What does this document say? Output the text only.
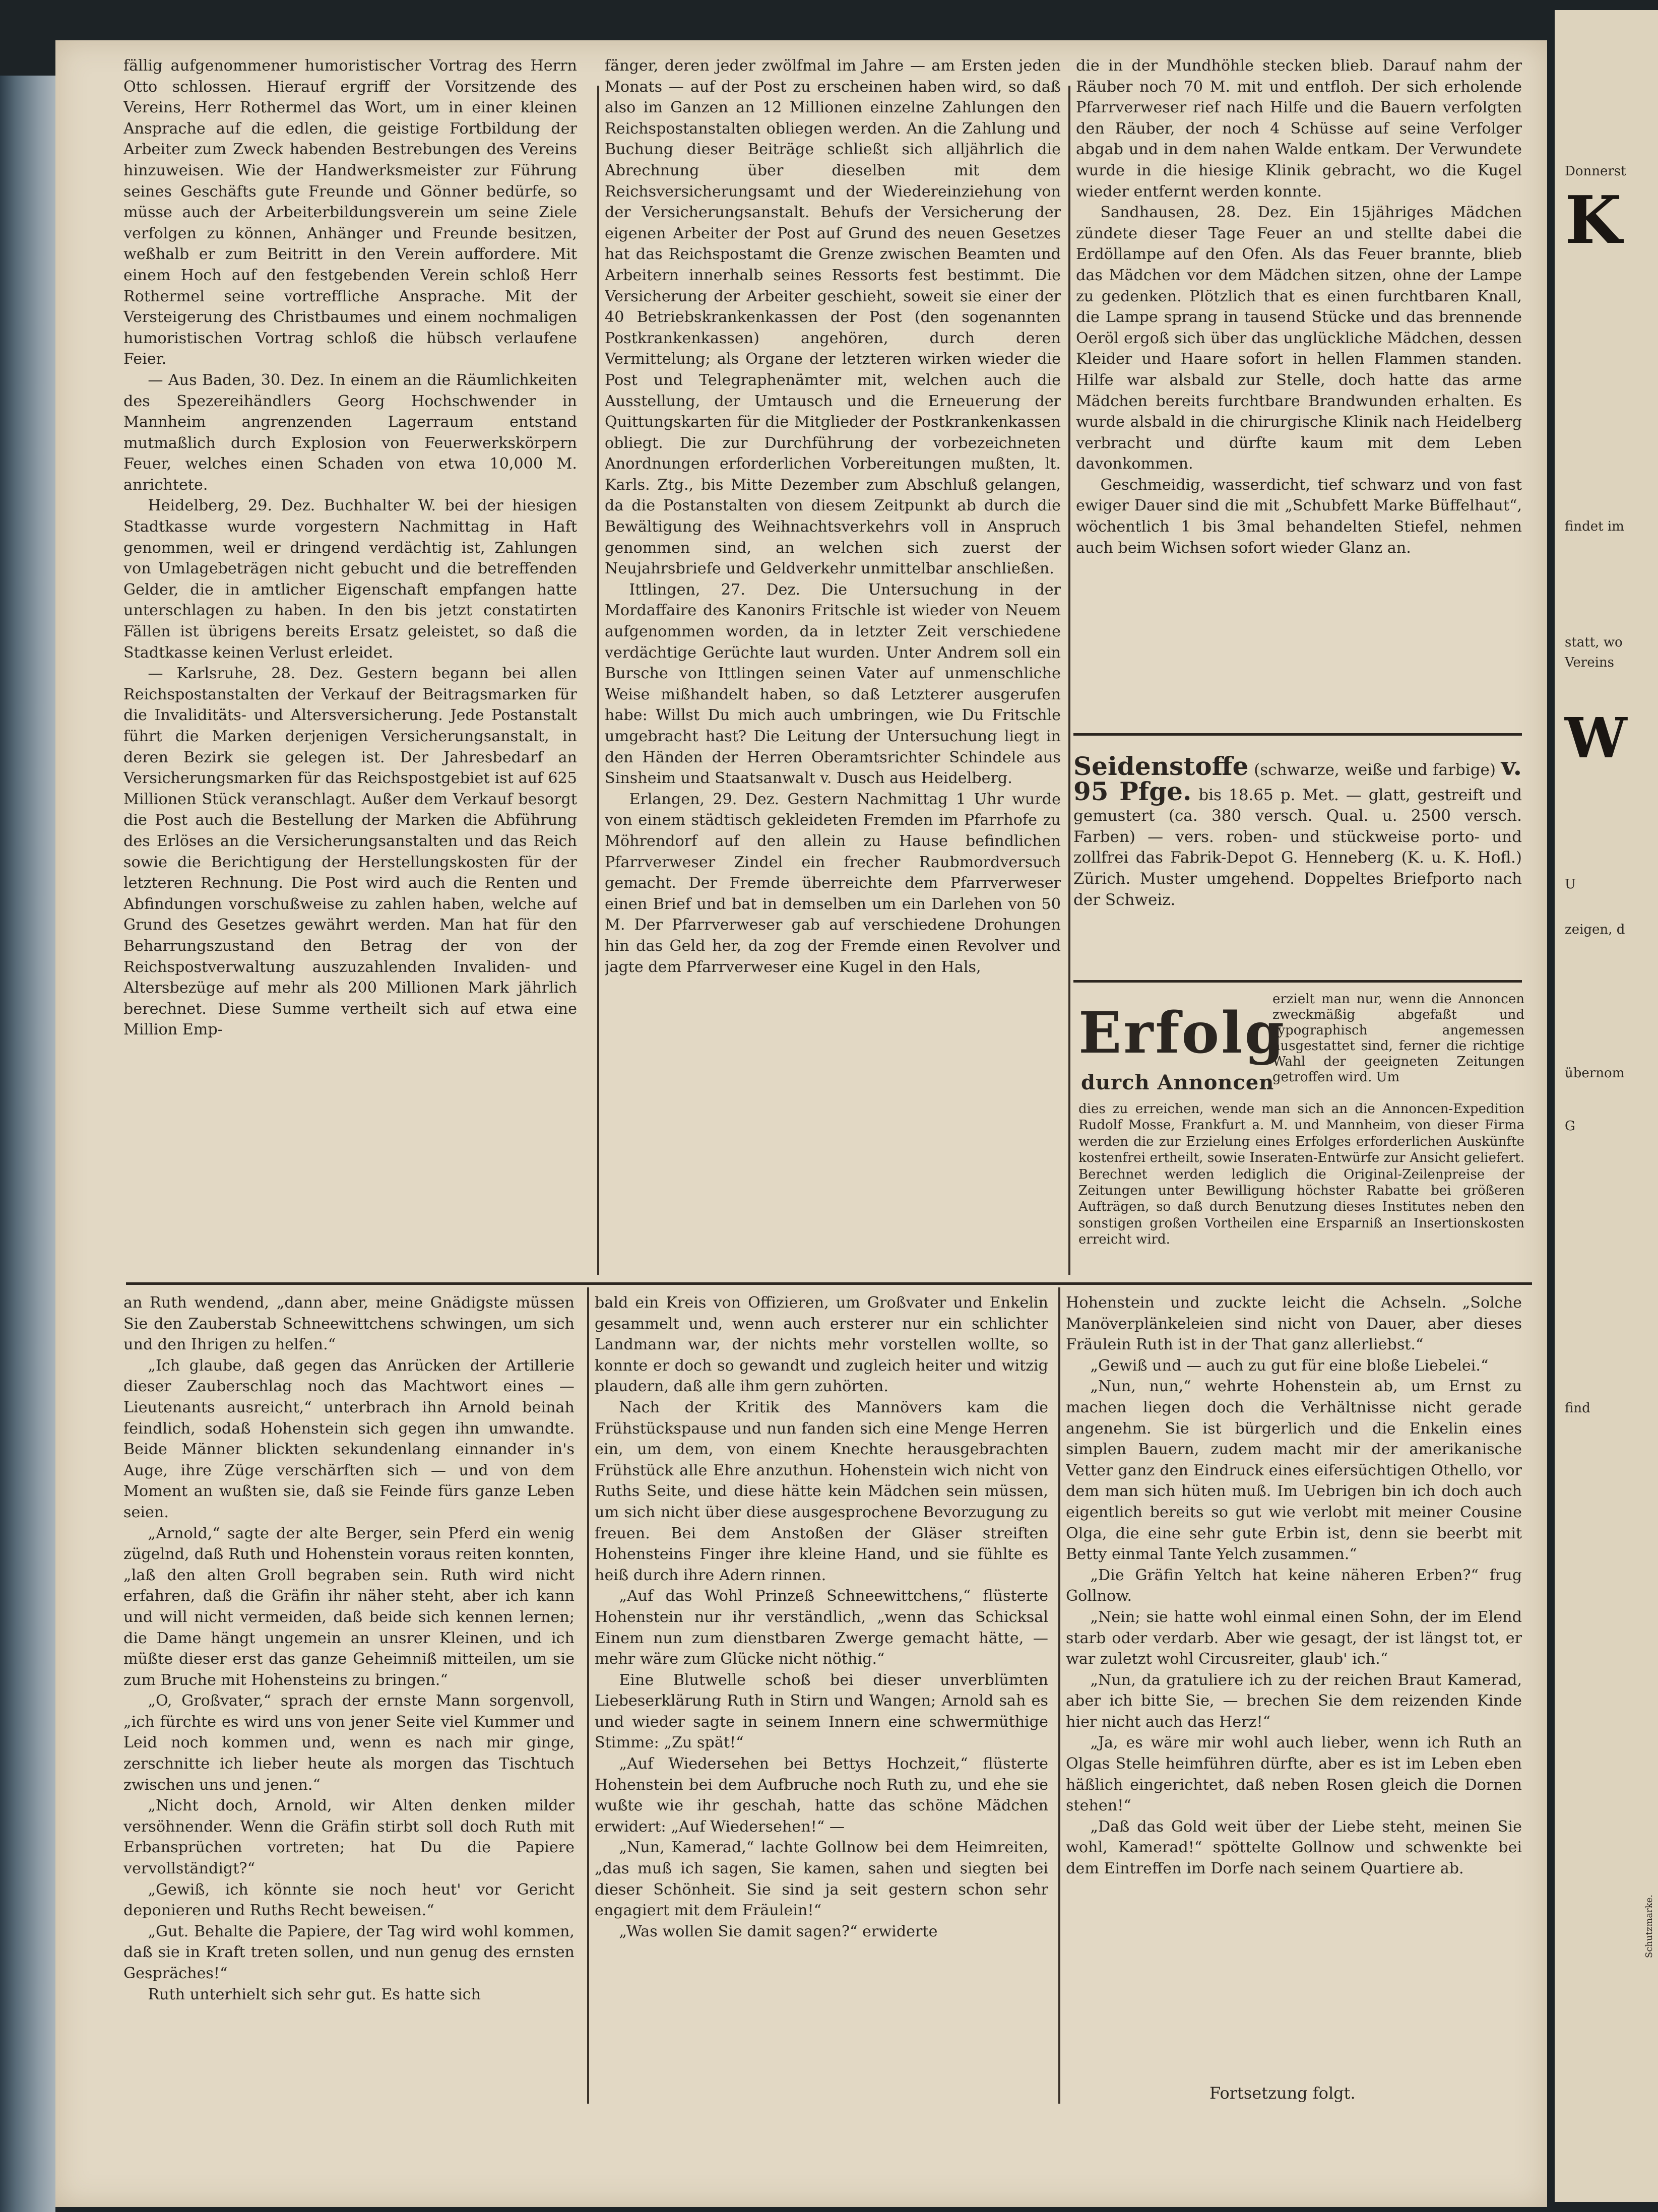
Donnerst
K
findet im
statt, wo
Vereins
W
U
zeigen, d
übernom
G
find

fällig aufgenommener humoristischer Vortrag des Herrn Otto schlossen. Hierauf ergriff der Vorsitzende des Vereins, Herr Rothermel das Wort, um in einer kleinen Ansprache auf die edlen, die geistige Fortbildung der Arbeiter zum Zweck habenden Bestrebungen des Vereins hinzuweisen. Wie der Handwerksmeister zur Führung seines Geschäfts gute Freunde und Gönner bedürfe, so müsse auch der Arbeiterbildungsverein um seine Ziele verfolgen zu können, Anhänger und Freunde besitzen, weßhalb er zum Beitritt in den Verein auffordere. Mit einem Hoch auf den festgebenden Verein schloß Herr Rothermel seine vortreffliche Ansprache. Mit der Versteigerung des Christbaumes und einem nochmaligen humoristischen Vortrag schloß die hübsch verlaufene Feier.

— Aus Baden, 30. Dez. In einem an die Räumlichkeiten des Spezereihändlers Georg Hochschwender in Mannheim angrenzenden Lagerraum entstand mutmaßlich durch Explosion von Feuerwerkskörpern Feuer, welches einen Schaden von etwa 10,000 M. anrichtete.

Heidelberg, 29. Dez. Buchhalter W. bei der hiesigen Stadtkasse wurde vorgestern Nachmittag in Haft genommen, weil er dringend verdächtig ist, Zahlungen von Umlagebeträgen nicht gebucht und die betreffenden Gelder, die in amtlicher Eigenschaft empfangen hatte unterschlagen zu haben. In den bis jetzt constatirten Fällen ist übrigens bereits Ersatz geleistet, so daß die Stadtkasse keinen Verlust erleidet.

— Karlsruhe, 28. Dez. Gestern begann bei allen Reichspostanstalten der Verkauf der Beitragsmarken für die Invaliditäts- und Altersversicherung. Jede Postanstalt führt die Marken derjenigen Versicherungsanstalt, in deren Bezirk sie gelegen ist. Der Jahresbedarf an Versicherungsmarken für das Reichspostgebiet ist auf 625 Millionen Stück veranschlagt. Außer dem Verkauf besorgt die Post auch die Bestellung der Marken die Abführung des Erlöses an die Versicherungsanstalten und das Reich sowie die Berichtigung der Herstellungskosten für der letzteren Rechnung. Die Post wird auch die Renten und Abfindungen vorschußweise zu zahlen haben, welche auf Grund des Gesetzes gewährt werden. Man hat für den Beharrungszustand den Betrag der von der Reichspostverwaltung auszuzahlenden Invaliden- und Altersbezüge auf mehr als 200 Millionen Mark jährlich berechnet. Diese Summe vertheilt sich auf etwa eine Million Emp-

fänger, deren jeder zwölfmal im Jahre — am Ersten jeden Monats — auf der Post zu erscheinen haben wird, so daß also im Ganzen an 12 Millionen einzelne Zahlungen den Reichspostanstalten obliegen werden. An die Zahlung und Buchung dieser Beiträge schließt sich alljährlich die Abrechnung über dieselben mit dem Reichsversicherungsamt und der Wiedereinziehung von der Versicherungsanstalt. Behufs der Versicherung der eigenen Arbeiter der Post auf Grund des neuen Gesetzes hat das Reichspostamt die Grenze zwischen Beamten und Arbeitern innerhalb seines Ressorts fest bestimmt. Die Versicherung der Arbeiter geschieht, soweit sie einer der 40 Betriebskrankenkassen der Post (den sogenannten Postkrankenkassen) angehören, durch deren Vermittelung; als Organe der letzteren wirken wieder die Post und Telegraphenämter mit, welchen auch die Ausstellung, der Umtausch und die Erneuerung der Quittungskarten für die Mitglieder der Postkrankenkassen obliegt. Die zur Durchführung der vorbezeichneten Anordnungen erforderlichen Vorbereitungen mußten, lt. Karls. Ztg., bis Mitte Dezember zum Abschluß gelangen, da die Postanstalten von diesem Zeitpunkt ab durch die Bewältigung des Weihnachtsverkehrs voll in Anspruch genommen sind, an welchen sich zuerst der Neujahrsbriefe und Geldverkehr unmittelbar anschließen.

Ittlingen, 27. Dez. Die Untersuchung in der Mordaffaire des Kanonirs Fritschle ist wieder von Neuem aufgenommen worden, da in letzter Zeit verschiedene verdächtige Gerüchte laut wurden. Unter Andrem soll ein Bursche von Ittlingen seinen Vater auf unmenschliche Weise mißhandelt haben, so daß Letzterer ausgerufen habe: Willst Du mich auch umbringen, wie Du Fritschle umgebracht hast? Die Leitung der Untersuchung liegt in den Händen der Herren Oberamtsrichter Schindele aus Sinsheim und Staatsanwalt v. Dusch aus Heidelberg.

Erlangen, 29. Dez. Gestern Nachmittag 1 Uhr wurde von einem städtisch gekleideten Fremden im Pfarrhofe zu Möhrendorf auf den allein zu Hause befindlichen Pfarrverweser Zindel ein frecher Raubmordversuch gemacht. Der Fremde überreichte dem Pfarrverweser einen Brief und bat in demselben um ein Darlehen von 50 M. Der Pfarrverweser gab auf verschiedene Drohungen hin das Geld her, da zog der Fremde einen Revolver und jagte dem Pfarrverweser eine Kugel in den Hals,

die in der Mundhöhle stecken blieb. Darauf nahm der Räuber noch 70 M. mit und entfloh. Der sich erholende Pfarrverweser rief nach Hilfe und die Bauern verfolgten den Räuber, der noch 4 Schüsse auf seine Verfolger abgab und in dem nahen Walde entkam. Der Verwundete wurde in die hiesige Klinik gebracht, wo die Kugel wieder entfernt werden konnte.

Sandhausen, 28. Dez. Ein 15jähriges Mädchen zündete dieser Tage Feuer an und stellte dabei die Erdöllampe auf den Ofen. Als das Feuer brannte, blieb das Mädchen vor dem Mädchen sitzen, ohne der Lampe zu gedenken. Plötzlich that es einen furchtbaren Knall, die Lampe sprang in tausend Stücke und das brennende Oeröl ergoß sich über das unglückliche Mädchen, dessen Kleider und Haare sofort in hellen Flammen standen. Hilfe war alsbald zur Stelle, doch hatte das arme Mädchen bereits furchtbare Brandwunden erhalten. Es wurde alsbald in die chirurgische Klinik nach Heidelberg verbracht und dürfte kaum mit dem Leben davonkommen.

Geschmeidig, wasserdicht, tief schwarz und von fast ewiger Dauer sind die mit „Schubfett Marke Büffelhaut“, wöchentlich 1 bis 3mal behandelten Stiefel, nehmen auch beim Wichsen sofort wieder Glanz an.

Seidenstoffe (schwarze, weiße und farbige) v. 95 Pfge. bis 18.65 p. Met. — glatt, gestreift und gemustert (ca. 380 versch. Qual. u. 2500 versch. Farben) — vers. roben- und stückweise porto- und zollfrei das Fabrik-Depot G. Henneberg (K. u. K. Hofl.) Zürich. Muster umgehend. Doppeltes Briefporto nach der Schweiz.
Erfolg
durch Annoncen
erzielt man nur, wenn die Annoncen zweckmäßig abgefaßt und typographisch angemessen ausgestattet sind, ferner die richtige Wahl der geeigneten Zeitungen getroffen wird. Um
dies zu erreichen, wende man sich an die Annoncen-Expedition Rudolf Mosse, Frankfurt a. M. und Mannheim, von dieser Firma werden die zur Erzielung eines Erfolges erforderlichen Auskünfte kostenfrei ertheilt, sowie Inseraten-Entwürfe zur Ansicht geliefert. Berechnet werden lediglich die Original-Zeilenpreise der Zeitungen unter Bewilligung höchster Rabatte bei größeren Aufträgen, so daß durch Benutzung dieses Institutes neben den sonstigen großen Vortheilen eine Ersparniß an Insertionskosten erreicht wird.

an Ruth wendend, „dann aber, meine Gnädigste müssen Sie den Zauberstab Schneewittchens schwingen, um sich und den Ihrigen zu helfen.“

„Ich glaube, daß gegen das Anrücken der Artillerie dieser Zauberschlag noch das Machtwort eines — Lieutenants ausreicht,“ unterbrach ihn Arnold beinah feindlich, sodaß Hohenstein sich gegen ihn umwandte. Beide Männer blickten sekundenlang einnander in's Auge, ihre Züge verschärften sich — und von dem Moment an wußten sie, daß sie Feinde fürs ganze Leben seien.

„Arnold,“ sagte der alte Berger, sein Pferd ein wenig zügelnd, daß Ruth und Hohenstein voraus reiten konnten, „laß den alten Groll begraben sein. Ruth wird nicht erfahren, daß die Gräfin ihr näher steht, aber ich kann und will nicht vermeiden, daß beide sich kennen lernen; die Dame hängt ungemein an unsrer Kleinen, und ich müßte dieser erst das ganze Geheimniß mitteilen, um sie zum Bruche mit Hohensteins zu bringen.“

„O, Großvater,“ sprach der ernste Mann sorgenvoll, „ich fürchte es wird uns von jener Seite viel Kummer und Leid noch kommen und, wenn es nach mir ginge, zerschnitte ich lieber heute als morgen das Tischtuch zwischen uns und jenen.“

„Nicht doch, Arnold, wir Alten denken milder versöhnender. Wenn die Gräfin stirbt soll doch Ruth mit Erbansprüchen vortreten; hat Du die Papiere vervollständigt?“

„Gewiß, ich könnte sie noch heut' vor Gericht deponieren und Ruths Recht beweisen.“

„Gut. Behalte die Papiere, der Tag wird wohl kommen, daß sie in Kraft treten sollen, und nun genug des ernsten Gespräches!“

Ruth unterhielt sich sehr gut. Es hatte sich

bald ein Kreis von Offizieren, um Großvater und Enkelin gesammelt und, wenn auch ersterer nur ein schlichter Landmann war, der nichts mehr vorstellen wollte, so konnte er doch so gewandt und zugleich heiter und witzig plaudern, daß alle ihm gern zuhörten.

Nach der Kritik des Mannövers kam die Frühstückspause und nun fanden sich eine Menge Herren ein, um dem, von einem Knechte herausgebrachten Frühstück alle Ehre anzuthun. Hohenstein wich nicht von Ruths Seite, und diese hätte kein Mädchen sein müssen, um sich nicht über diese ausgesprochene Bevorzugung zu freuen. Bei dem Anstoßen der Gläser streiften Hohensteins Finger ihre kleine Hand, und sie fühlte es heiß durch ihre Adern rinnen.

„Auf das Wohl Prinzeß Schneewittchens,“ flüsterte Hohenstein nur ihr verständlich, „wenn das Schicksal Einem nun zum dienstbaren Zwerge gemacht hätte, — mehr wäre zum Glücke nicht nöthig.“

Eine Blutwelle schoß bei dieser unverblümten Liebeserklärung Ruth in Stirn und Wangen; Arnold sah es und wieder sagte in seinem Innern eine schwermüthige Stimme: „Zu spät!“

„Auf Wiedersehen bei Bettys Hochzeit,“ flüsterte Hohenstein bei dem Aufbruche noch Ruth zu, und ehe sie wußte wie ihr geschah, hatte das schöne Mädchen erwidert: „Auf Wiedersehen!“ —

„Nun, Kamerad,“ lachte Gollnow bei dem Heimreiten, „das muß ich sagen, Sie kamen, sahen und siegten bei dieser Schönheit. Sie sind ja seit gestern schon sehr engagiert mit dem Fräulein!“

„Was wollen Sie damit sagen?“ erwiderte

Hohenstein und zuckte leicht die Achseln. „Solche Manöverplänkeleien sind nicht von Dauer, aber dieses Fräulein Ruth ist in der That ganz allerliebst.“

„Gewiß und — auch zu gut für eine bloße Liebelei.“

„Nun, nun,“ wehrte Hohenstein ab, um Ernst zu machen liegen doch die Verhältnisse nicht gerade angenehm. Sie ist bürgerlich und die Enkelin eines simplen Bauern, zudem macht mir der amerikanische Vetter ganz den Eindruck eines eifersüchtigen Othello, vor dem man sich hüten muß. Im Uebrigen bin ich doch auch eigentlich bereits so gut wie verlobt mit meiner Cousine Olga, die eine sehr gute Erbin ist, denn sie beerbt mit Betty einmal Tante Yelch zusammen.“

„Die Gräfin Yeltch hat keine näheren Erben?“ frug Gollnow.

„Nein; sie hatte wohl einmal einen Sohn, der im Elend starb oder verdarb. Aber wie gesagt, der ist längst tot, er war zuletzt wohl Circusreiter, glaub' ich.“

„Nun, da gratuliere ich zu der reichen Braut Kamerad, aber ich bitte Sie, — brechen Sie dem reizenden Kinde hier nicht auch das Herz!“

„Ja, es wäre mir wohl auch lieber, wenn ich Ruth an Olgas Stelle heimführen dürfte, aber es ist im Leben eben häßlich eingerichtet, daß neben Rosen gleich die Dornen stehen!“

„Daß das Gold weit über der Liebe steht, meinen Sie wohl, Kamerad!“ spöttelte Gollnow und schwenkte bei dem Eintreffen im Dorfe nach seinem Quartiere ab.

Fortsetzung folgt.
Schutzmarke.
